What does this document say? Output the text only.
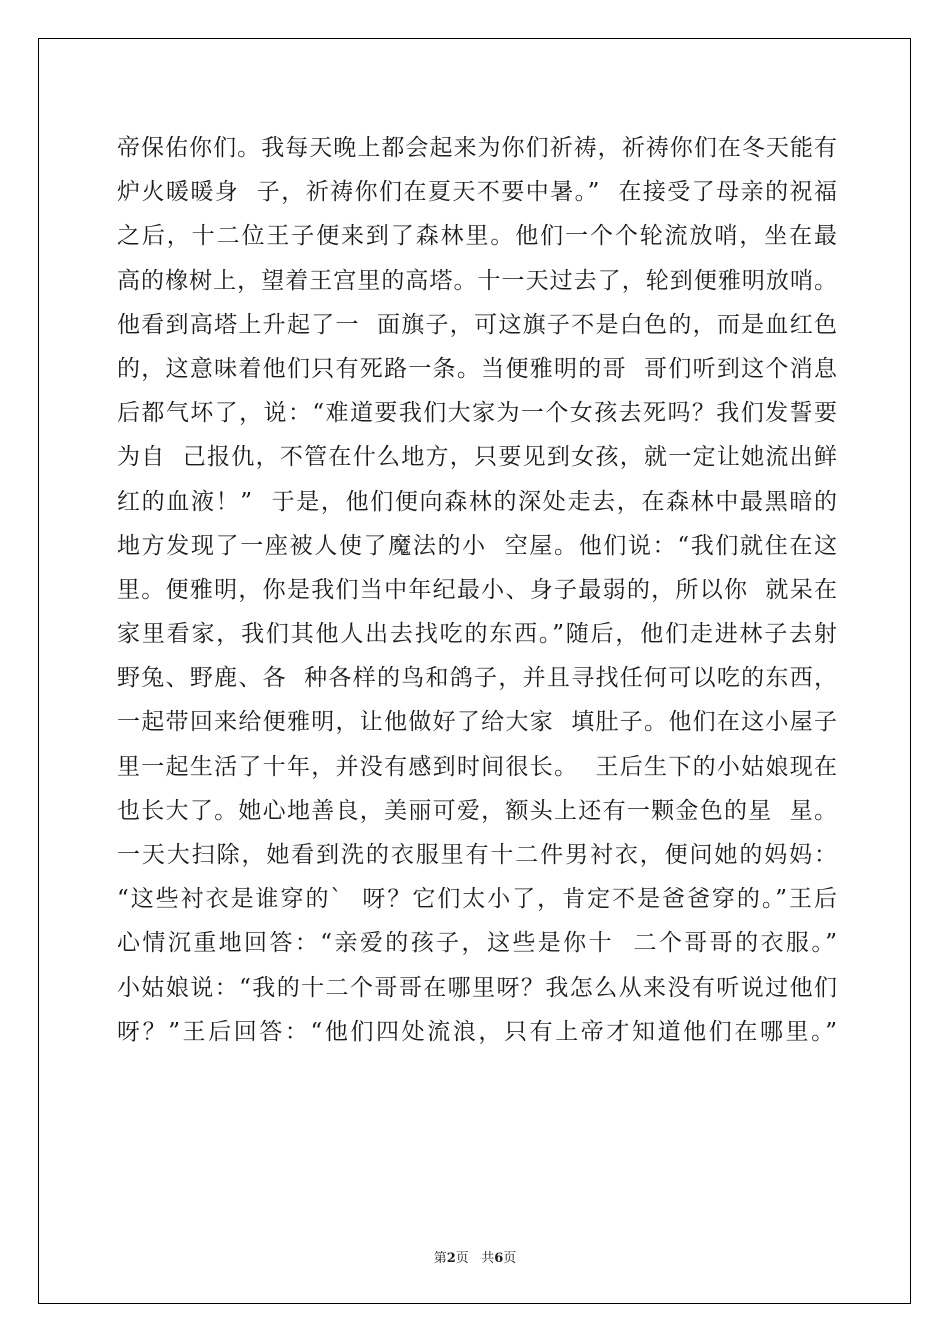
帝保佑你们。我每天晚上都会起来为你们祈祷，祈祷你们在冬天能有
炉火暖暖身  子，祈祷你们在夏天不要中暑。”  在接受了母亲的祝福
之后，十二位王子便来到了森林里。他们一个个轮流放哨，坐在最
高的橡树上，望着王宫里的高塔。十一天过去了，轮到便雅明放哨。
他看到高塔上升起了一  面旗子，可这旗子不是白色的，而是血红色
的，这意味着他们只有死路一条。当便雅明的哥  哥们听到这个消息
后都气坏了，说：“难道要我们大家为一个女孩去死吗？我们发誓要
为自  己报仇，不管在什么地方，只要见到女孩，就一定让她流出鲜
红的血液！”  于是，他们便向森林的深处走去，在森林中最黑暗的
地方发现了一座被人使了魔法的小  空屋。他们说：“我们就住在这
里。便雅明，你是我们当中年纪最小、身子最弱的，所以你  就呆在
家里看家，我们其他人出去找吃的东西。”随后，他们走进林子去射
野兔、野鹿、各  种各样的鸟和鸽子，并且寻找任何可以吃的东西，
一起带回来给便雅明，让他做好了给大家  填肚子。他们在这小屋子
里一起生活了十年，并没有感到时间很长。  王后生下的小姑娘现在
也长大了。她心地善良，美丽可爱，额头上还有一颗金色的星  星。
一天大扫除，她看到洗的衣服里有十二件男衬衣，便问她的妈妈：
“这些衬衣是谁穿的`  呀？它们太小了，肯定不是爸爸穿的。”王后
心情沉重地回答：“亲爱的孩子，这些是你十  二个哥哥的衣服。”
小姑娘说：“我的十二个哥哥在哪里呀？我怎么从来没有听说过他们
呀？”王后回答：“他们四处流浪，只有上帝才知道他们在哪里。”
第2页 共6页
